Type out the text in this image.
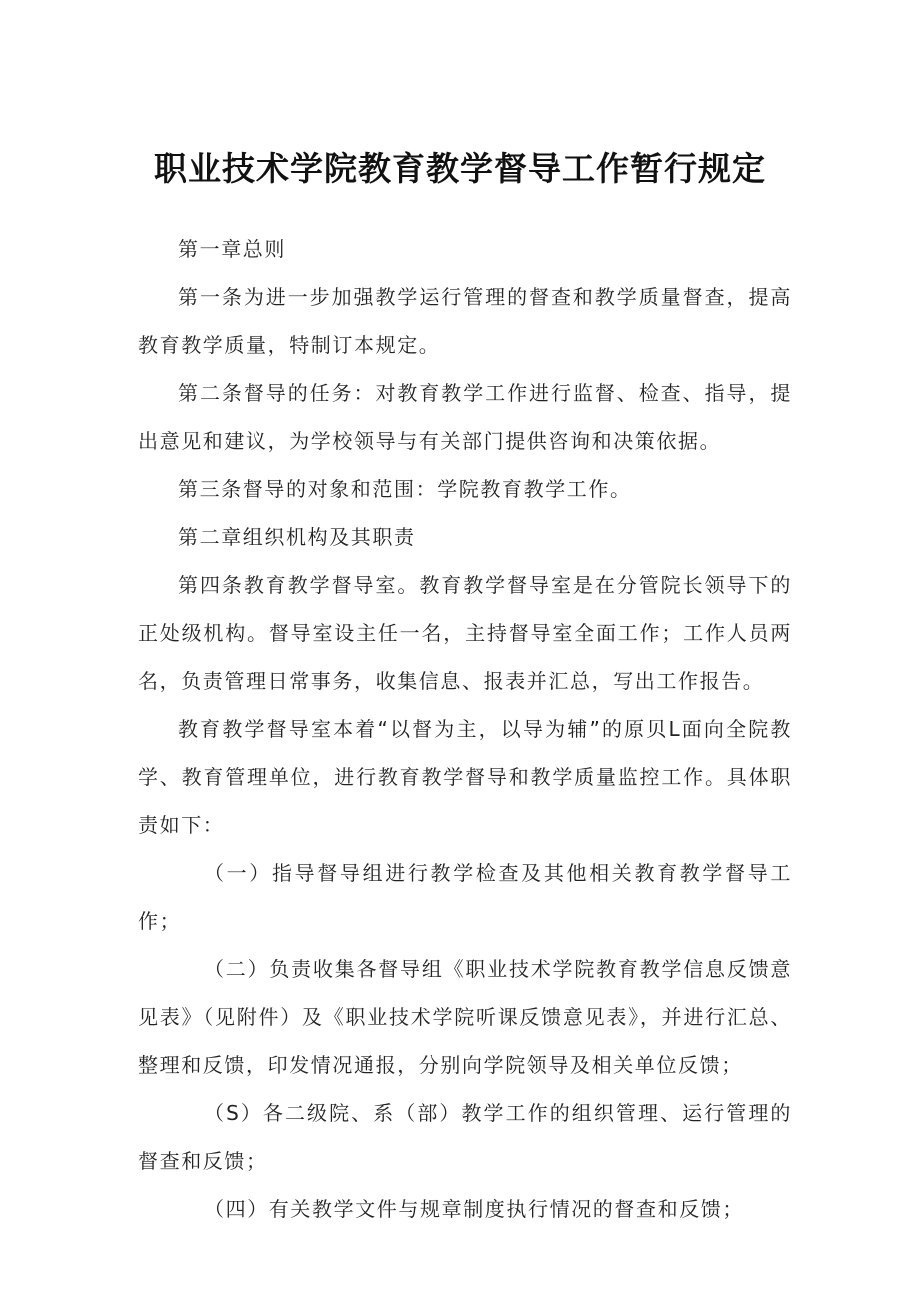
职业技术学院教育教学督导工作暂行规定

第一章总则

第一条为进一步加强教学运行管理的督查和教学质量督查，提高教育教学质量，特制订本规定。

第二条督导的任务：对教育教学工作进行监督、检查、指导，提出意见和建议，为学校领导与有关部门提供咨询和决策依据。

第三条督导的对象和范围：学院教育教学工作。

第二章组织机构及其职责

第四条教育教学督导室。教育教学督导室是在分管院长领导下的正处级机构。督导室设主任一名，主持督导室全面工作；工作人员两名，负责管理日常事务，收集信息、报表并汇总，写出工作报告。

教育教学督导室本着“以督为主，以导为辅”的原贝L面向全院教学、教育管理单位，进行教育教学督导和教学质量监控工作。具体职责如下：

（一）指导督导组进行教学检查及其他相关教育教学督导工作；

（二）负责收集各督导组《职业技术学院教育教学信息反馈意见表》（见附件）及《职业技术学院听课反馈意见表》，并进行汇总、整理和反馈，印发情况通报，分别向学院领导及相关单位反馈；

（S）各二级院、系（部）教学工作的组织管理、运行管理的督查和反馈；

（四）有关教学文件与规章制度执行情况的督查和反馈；
